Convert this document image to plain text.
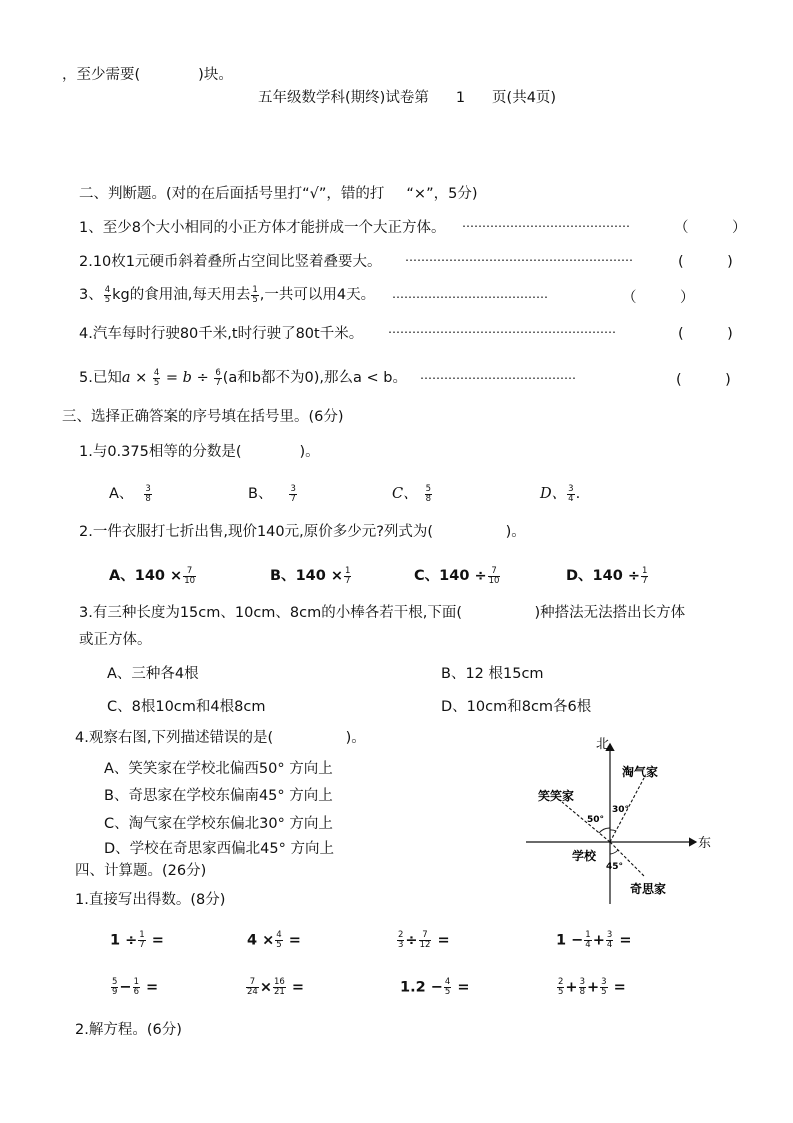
，至少需要(　　　　)块。
五年级数学科(期终)试卷第 1 页(共4页)
二、判断题。(对的在后面括号里打“√”，错的打 “×”，5分)
1、至少8个大小相同的小正方体才能拼成一个大正方体。 ……………………………………	（　　　）
2.10枚1元硬币斜着叠所占空间比竖着叠要大。 …………………………………………………	(　　　)
3、 $\frac{4}{5}$ kg的食用油,每天用去 $\frac{1}{5}$ ,一共可以用4天。 …………………………………	（　　　）
4.汽车每时行驶80千米,t时行驶了80t千米。 …………………………………………………	(　　　)
5.已知$a \times \frac{4}{5} = b \div \frac{6}{7} (a$和b都不为0),那么a < b。 …………………………………	(　　　)
三、选择正确答案的序号填在括号里。(6分)
1.与0.375相等的分数是(　　　　)。
A、 $\frac{3}{8}$	B、 $\frac{3}{7}$	C、 $\frac{5}{8}$	D、 $\frac{3}{4}$ .
2.一件衣服打七折出售,现价140元,原价多少元?列式为(　　　　　)。
A、$140 \times \frac{7}{10}$	B、$140 \times \frac{1}{7}$	C、$140 \div \frac{7}{10}$	D、$140 \div \frac{1}{7}$
3.有三种长度为15cm、10cm、8cm的小棒各若干根,下面(　　　　　)种搭法无法搭出长方体
或正方体。
A、三种各4根	B、12 根15cm
C、8根10cm和4根8cm	D、10cm和8cm各6根
4.观察右图,下列描述错误的是(　　　　　)。
A、笑笑家在学校北偏西50° 方向上
B、奇思家在学校东偏南45° 方向上
C、淘气家在学校东偏北30° 方向上
D、学校在奇思家西偏北45° 方向上
北
东
学校
笑笑家
淘气家
奇思家
50°
30°
45°
四、计算题。(26分)
1.直接写出得数。(8分)
$1 \div \frac{1}{7}$ =	$4 \times \frac{4}{5}$ =	$\frac{2}{3} \div \frac{7}{12}$ =	$1 - \frac{1}{4} + \frac{3}{4}$ =
$\frac{5}{9} - \frac{1}{6}$ =	$\frac{7}{24} \times \frac{16}{21}$ =	$1.2 - \frac{4}{5}$ =	$\frac{2}{5} + \frac{3}{8} + \frac{3}{5}$ =
2.解方程。(6分)
